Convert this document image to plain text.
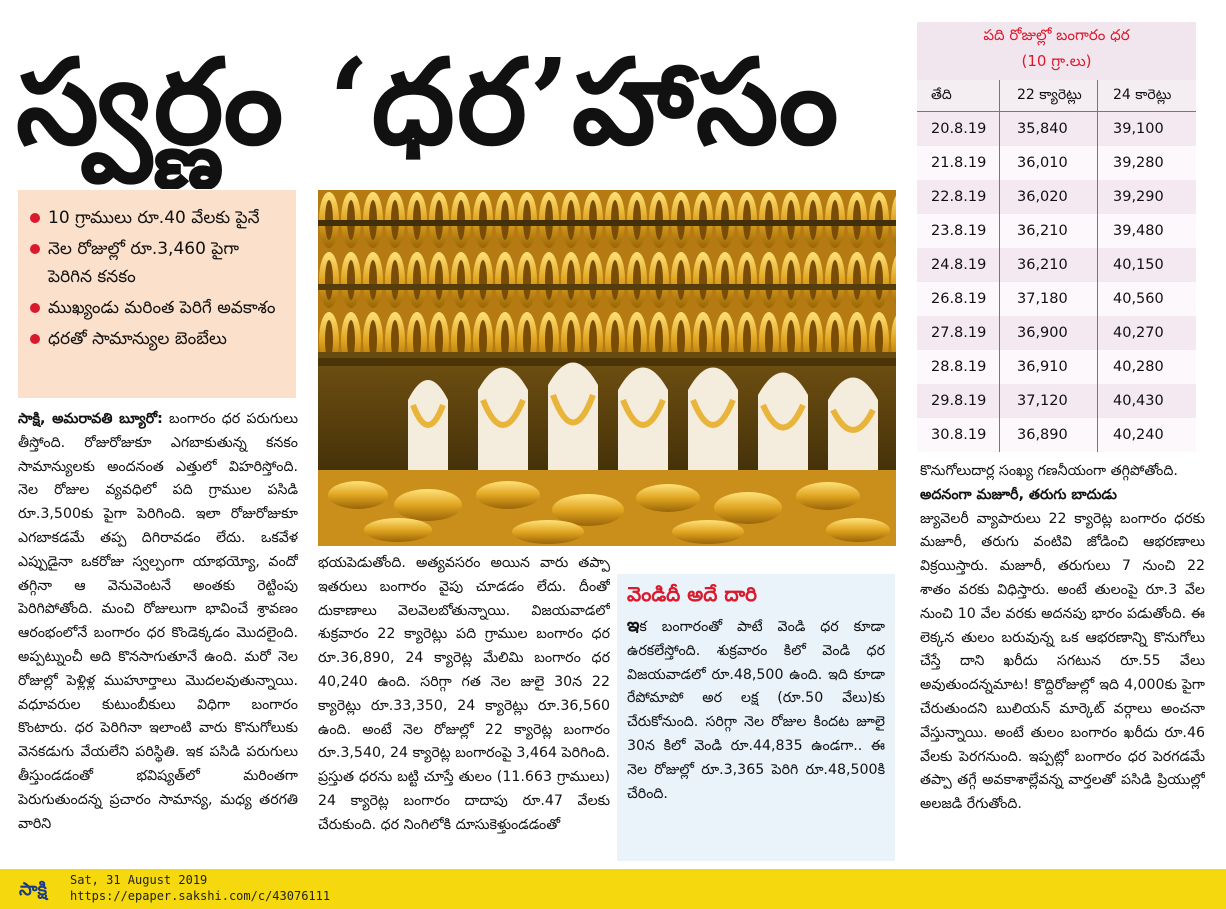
స్వర్ణం ‘ధర’హాసం
10 గ్రాములు రూ.40 వేలకు పైనే
నెల రోజుల్లో రూ.3,460 పైగా పెరిగిన కనకం
ముఖ్యండు మరింత పెరిగే అవకాశం
ధరతో సామాన్యుల బెంబేలు
సాక్షి, అమరావతి బ్యూరో: బంగారం ధర పరుగులు తీస్తోంది. రోజురోజుకూ ఎగబాకుతున్న కనకం సామాన్యులకు అందనంత ఎత్తులో విహరిస్తోంది. నెల రోజుల వ్యవధిలో పది గ్రాముల పసిడి రూ.3,500కు పైగా పెరిగింది. ఇలా రోజురోజుకూ ఎగబాకడమే తప్ప దిగిరావడం లేదు. ఒకవేళ ఎప్పుడైనా ఒకరోజు స్వల్పంగా యాభయ్యో, వందో తగ్గినా ఆ వెనువెంటనే అంతకు రెట్టింపు పెరిగిపోతోంది. మంచి రోజులుగా భావించే శ్రావణం ఆరంభంలోనే బంగారం ధర కొండెక్కడం మొదలైంది. అప్పట్నుంచీ అది కొనసాగుతూనే ఉంది. మరో నెల రోజుల్లో పెళ్లిళ్ల ముహూర్తాలు మొదలవుతున్నాయి. వధూవరుల కుటుంబీకులు విధిగా బంగారం కొంటారు. ధర పెరిగినా ఇలాంటి వారు కొనుగోలుకు వెనకడుగు వేయలేని పరిస్థితి. ఇక పసిడి పరుగులు తీస్తుండడంతో భవిష్యత్‌లో మరింతగా పెరుగుతుందన్న ప్రచారం సామాన్య, మధ్య తరగతి వారిని
భయపెడుతోంది. అత్యవసరం అయిన వారు తప్పా ఇతరులు బంగారం వైపు చూడడం లేదు. దీంతో దుకాణాలు వెలవెలబోతున్నాయి. విజయవాడలో శుక్రవారం 22 క్యారెట్లు పది గ్రాముల బంగారం ధర రూ.36,890, 24 క్యారెట్ల మేలిమి బంగారం ధర 40,240 ఉంది. సరిగ్గా గత నెల జులై 30న 22 క్యారెట్లు రూ.33,350, 24 క్యారెట్లు రూ.36,560 ఉంది. అంటే నెల రోజుల్లో 22 క్యారెట్ల బంగారం రూ.3,540, 24 క్యారెట్ల బంగారంపై 3,464 పెరిగింది. ప్రస్తుత ధరను బట్టి చూస్తే తులం (11.663 గ్రాములు) 24 క్యారెట్ల బంగారం దాదాపు రూ.47 వేలకు చేరుకుంది. ధర నింగిలోకి దూసుకెళ్తుండడంతో
వెండిదీ అదే దారి
ఇక బంగారంతో పాటే వెండి ధర కూడా ఉరకలేస్తోంది. శుక్రవారం కిలో వెండి ధర విజయవాడలో రూ.48,500 ఉంది. ఇది కూడా రేపోమాపో అర లక్ష (రూ.50 వేలు)కు చేరుకోనుంది. సరిగ్గా నెల రోజుల కిందట జూలై 30న కిలో వెండి రూ.44,835 ఉండగా.. ఈ నెల రోజుల్లో రూ.3,365 పెరిగి రూ.48,500కి చేరింది.
పది రోజుల్లో బంగారం ధర
(10 గ్రా.లు)
తేది	22 క్యారెట్లు	24 కారెట్లు
20.8.19	35,840	39,100
21.8.19	36,010	39,280
22.8.19	36,020	39,290
23.8.19	36,210	39,480
24.8.19	36,210	40,150
26.8.19	37,180	40,560
27.8.19	36,900	40,270
28.8.19	36,910	40,280
29.8.19	37,120	40,430
30.8.19	36,890	40,240
కొనుగోలుదార్ల సంఖ్య గణనీయంగా తగ్గిపోతోంది.
అదనంగా మజూరీ, తరుగు బాదుడు
జ్యువెలరీ వ్యాపారులు 22 క్యారెట్ల బంగారం ధరకు మజూరీ, తరుగు వంటివి జోడించి ఆభరణాలు విక్రయిస్తారు. మజూరీ, తరుగులు 7 నుంచి 22 శాతం వరకు విధిస్తారు. అంటే తులంపై రూ.3 వేల నుంచి 10 వేల వరకు అదనపు భారం పడుతోంది. ఈ లెక్కన తులం బరువున్న ఒక ఆభరణాన్ని కొనుగోలు చేస్తే దాని ఖరీదు సగటున రూ.55 వేలు అవుతుందన్నమాట! కొద్దిరోజుల్లో ఇది 4,000కు పైగా చేరుతుందని బులియన్ మార్కెట్ వర్గాలు అంచనా వేస్తున్నాయి. అంటే తులం బంగారం ఖరీదు రూ.46 వేలకు పెరగనుంది. ఇప్పట్లో బంగారం ధర పెరగడమే తప్పా తగ్గే అవకాశాల్లేవన్న వార్తలతో పసిడి ప్రియుల్లో అలజడి రేగుతోంది.
సాక్షి Sat, 31 August 2019
https://epaper.sakshi.com/c/43076111
